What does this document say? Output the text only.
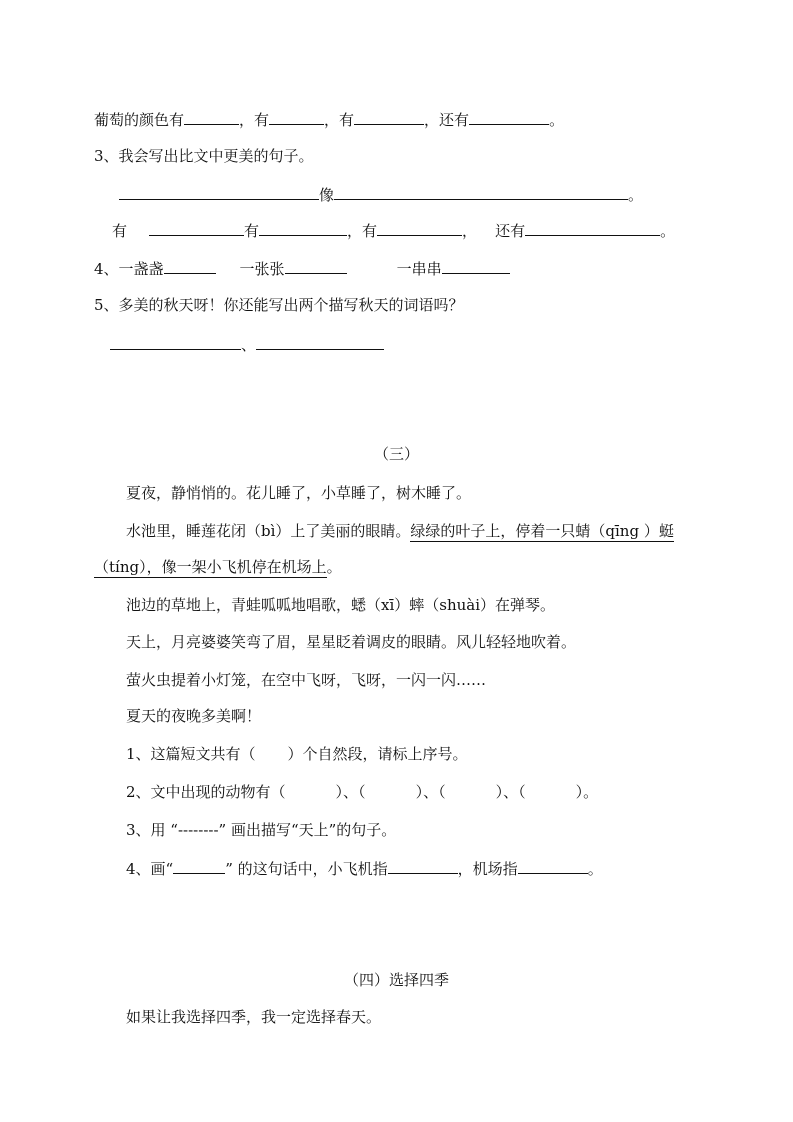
葡萄的颜色有	，有	，有	，还有	。
3、我会写出比文中更美的句子。
像	。
有	有	，有	， 还有	。
4、一盏盏	一张张	一串串
5、多美的秋天呀！你还能写出两个描写秋天的词语吗？
、
（三）
夏夜，静悄悄的。花儿睡了，小草睡了，树木睡了。
水池里，睡莲花闭（bì）上了美丽的眼睛。绿绿的叶子上，停着一只蜻（qīng ）蜓
（tíng），像一架小飞机停在机场上。
池边的草地上，青蛙呱呱地唱歌，蟋（xī）蟀（shuài）在弹琴。
天上，月亮婆婆笑弯了眉，星星眨着调皮的眼睛。风儿轻轻地吹着。
萤火虫提着小灯笼，在空中飞呀，飞呀，一闪一闪……
夏天的夜晚多美啊！
1、这篇短文共有（ ）个自然段，请标上序号。
2、文中出现的动物有（	）、（	）、（	）、（	）。
3、用 “--------” 画出描写“天上”的句子。
4、画“	” 的这句话中，小飞机指	，机场指	。
（四）选择四季
如果让我选择四季，我一定选择春天。
